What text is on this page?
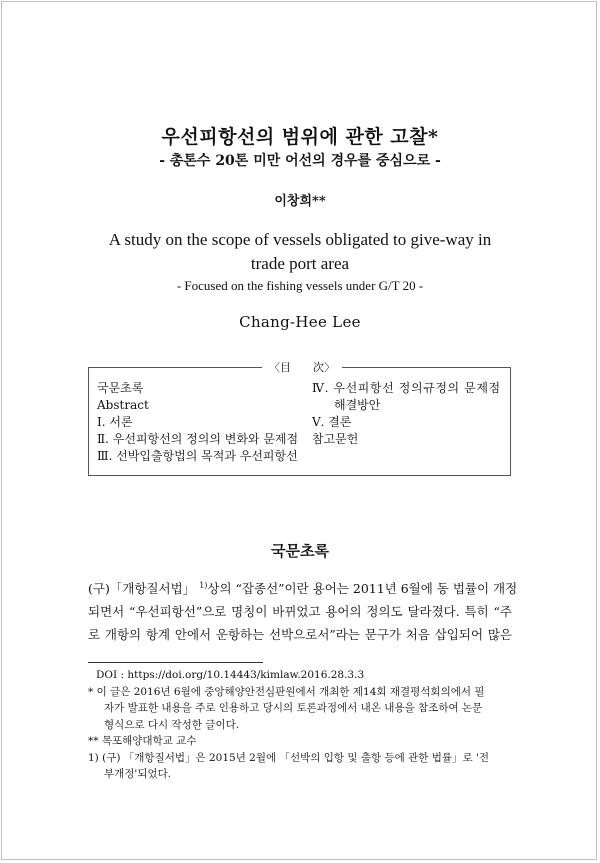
우선피항선의 범위에 관한 고찰*
- 총톤수 20톤 미만 어선의 경우를 중심으로 -
이창희**
A study on the scope of vessels obligated to give-way in
trade port area
- Focused on the fishing vessels under G/T 20 -
Chang-Hee Lee
〈目　　次〉
국문초록
Abstract
Ⅰ. 서론
Ⅱ. 우선피항선의 정의의 변화와 문제점
Ⅲ. 선박입출항법의 목적과 우선피항선
Ⅳ. 우선피항선 정의규정의 문제점
해결방안
Ⅴ. 결론
참고문헌
국문초록
(구)「개항질서법」 $^{1)}$상의 “잡종선”이란 용어는 2011년 6월에 동 법률이 개정
되면서 “우선피항선”으로 명칭이 바뀌었고 용어의 정의도 달라졌다. 특히 “주
로 개항의 항계 안에서 운항하는 선박으로서”라는 문구가 처음 삽입되어 많은
DOI : https://doi.org/10.14443/kimlaw.2016.28.3.3
* 이 글은 2016년 6월에 중앙해양안전심판원에서 개최한 제14회 재결평석회의에서 필
자가 발표한 내용을 주로 인용하고 당시의 토론과정에서 내온 내용을 참조하여 논문
형식으로 다시 작성한 글이다.
** 목포해양대학교 교수
1) (구) 「개항질서법」은 2015년 2월에 「선박의 입항 및 출항 등에 관한 법률」로 '전
부개정'되었다.
